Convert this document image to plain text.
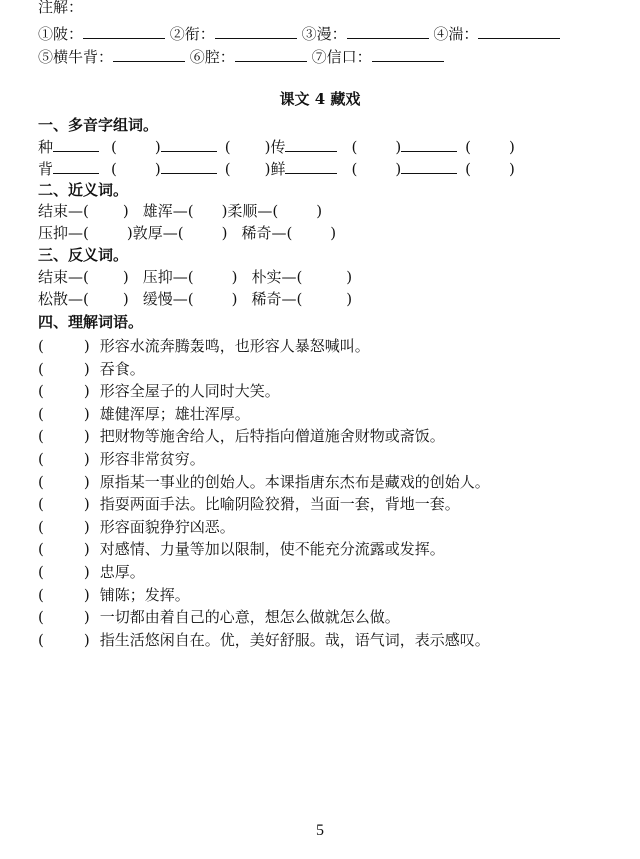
注解：
①陂：	②衔：	③漫：	④湍：
⑤横牛背：	⑥腔：	⑦信口：
课文 4 藏戏
一、多音字组词。
种	(	)	( )传	(	)	(	)
背	(	)	( )鲜	(	)	(	)
二、近义词。
结束—( ) 雄浑—( )柔顺—(	)
压抑—(	)敦厚—(	) 稀奇—(	)
三、反义词。
结束—( ) 压抑—(	) 朴实—(	)
松散—( ) 缓慢—(	) 稀奇—(	)
四、理解词语。
(	) 形容水流奔腾轰鸣，也形容人暴怒喊叫。
(	) 吞食。
(	) 形容全屋子的人同时大笑。
(	) 雄健浑厚；雄壮浑厚。
(	) 把财物等施舍给人，后特指向僧道施舍财物或斋饭。
(	) 形容非常贫穷。
(	) 原指某一事业的创始人。本课指唐东杰布是藏戏的创始人。
(	) 指耍两面手法。比喻阴险狡猾，当面一套，背地一套。
(	) 形容面貌狰狞凶恶。
(	) 对感情、力量等加以限制，使不能充分流露或发挥。
(	) 忠厚。
(	) 铺陈；发挥。
(	) 一切都由着自己的心意，想怎么做就怎么做。
(	) 指生活悠闲自在。优，美好舒服。哉，语气词，表示感叹。
5
